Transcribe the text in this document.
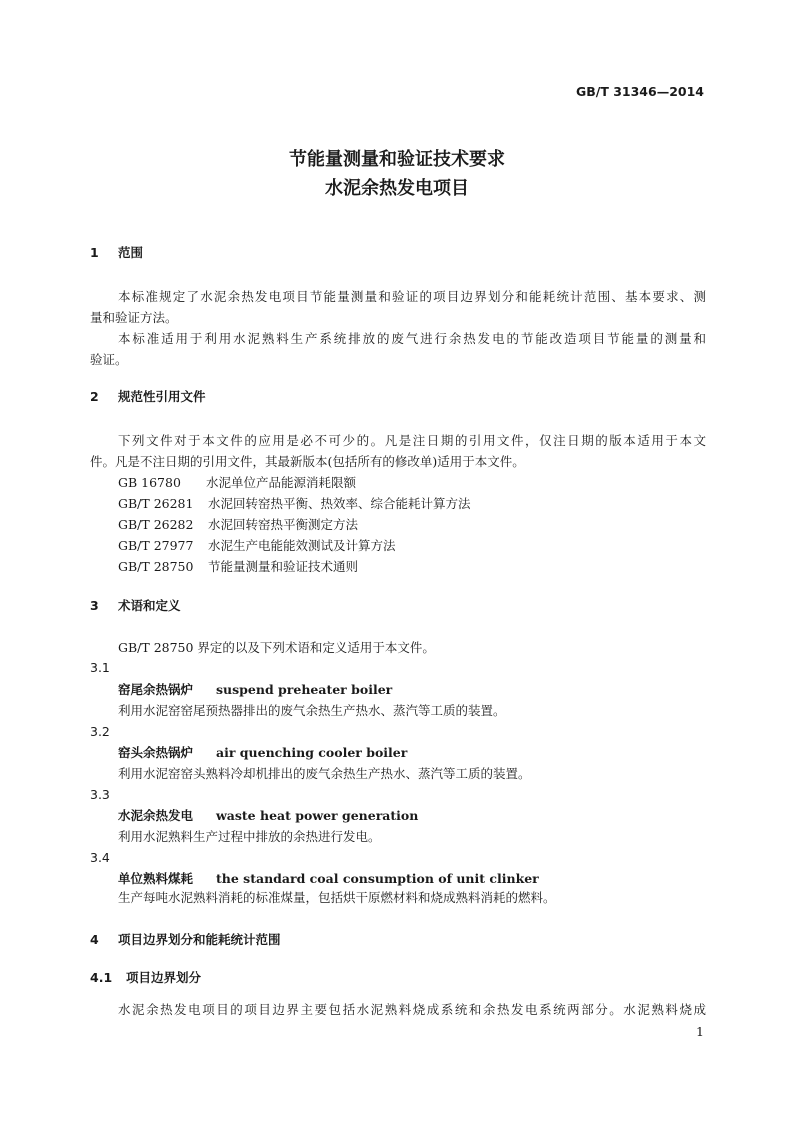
GB/T 31346—2014
节能量测量和验证技术要求
水泥余热发电项目
1 范围
本标准规定了水泥余热发电项目节能量测量和验证的项目边界划分和能耗统计范围、基本要求、测
量和验证方法。
本标准适用于利用水泥熟料生产系统排放的废气进行余热发电的节能改造项目节能量的测量和
验证。
2 规范性引用文件
下列文件对于本文件的应用是必不可少的。凡是注日期的引用文件，仅注日期的版本适用于本文
件。凡是不注日期的引用文件，其最新版本(包括所有的修改单)适用于本文件。
GB 16780 水泥单位产品能源消耗限额
GB/T 26281 水泥回转窑热平衡、热效率、综合能耗计算方法
GB/T 26282 水泥回转窑热平衡测定方法
GB/T 27977 水泥生产电能能效测试及计算方法
GB/T 28750 节能量测量和验证技术通则
3 术语和定义
GB/T 28750 界定的以及下列术语和定义适用于本文件。
3.1
窑尾余热锅炉 suspend preheater boiler
利用水泥窑窑尾预热器排出的废气余热生产热水、蒸汽等工质的装置。
3.2
窑头余热锅炉 air quenching cooler boiler
利用水泥窑窑头熟料冷却机排出的废气余热生产热水、蒸汽等工质的装置。
3.3
水泥余热发电 waste heat power generation
利用水泥熟料生产过程中排放的余热进行发电。
3.4
单位熟料煤耗 the standard coal consumption of unit clinker
生产每吨水泥熟料消耗的标准煤量，包括烘干原燃材料和烧成熟料消耗的燃料。
4 项目边界划分和能耗统计范围
4.1 项目边界划分
水泥余热发电项目的项目边界主要包括水泥熟料烧成系统和余热发电系统两部分。水泥熟料烧成
1
